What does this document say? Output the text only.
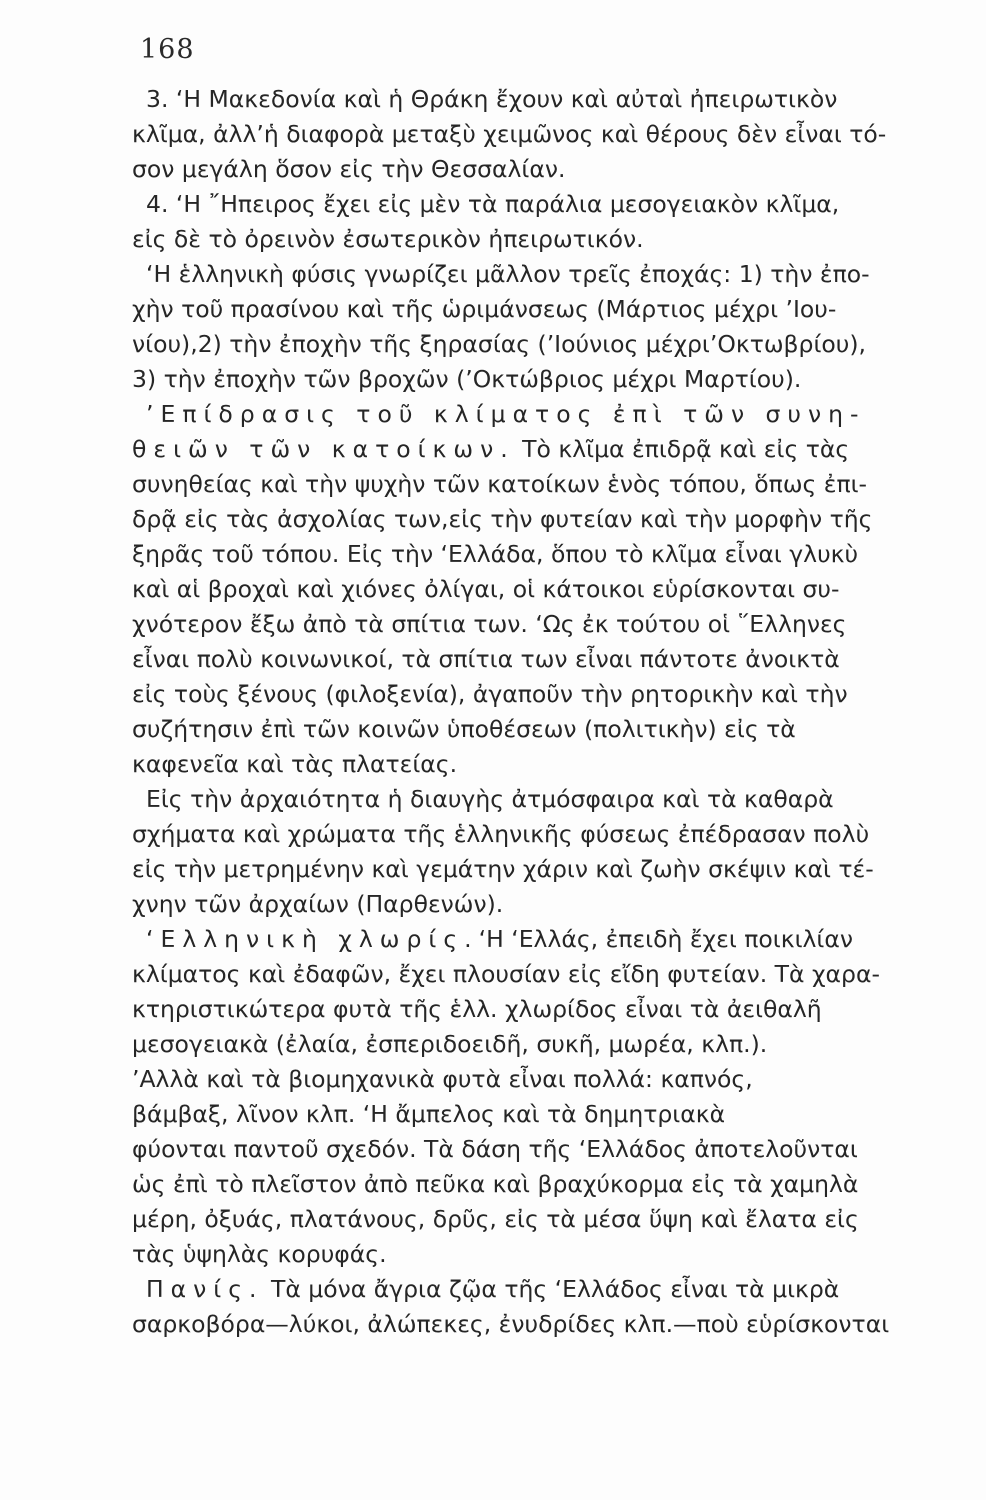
168
3. ‘Η Μακεδονία καὶ ἡ Θράκη ἔχουν καὶ αὐταὶ ἠπειρωτικὸν
κλῖμα, ἀλλ’ἡ διαφορὰ μεταξὺ χειμῶνος καὶ θέρους δὲν εἶναι τό-
σον μεγάλη ὅσον εἰς τὴν Θεσσαλίαν.
4. ‘Η ῎Ηπειρος ἔχει εἰς μὲν τὰ παράλια μεσογειακὸν κλῖμα,
εἰς δὲ τὸ ὀρεινὸν ἐσωτερικὸν ἠπειρωτικόν.
‘Η ἑλληνικὴ φύσις γνωρίζει μᾶλλον τρεῖς ἐποχάς: 1) τὴν ἐπο-
χὴν τοῦ πρασίνου καὶ τῆς ὡριμάνσεως (Μάρτιος μέχρι ’Ιου-
νίου),2) τὴν ἐποχὴν τῆς ξηρασίας (’Ιούνιος μέχρι’Οκτωβρίου),
3) τὴν ἐποχὴν τῶν βροχῶν (’Οκτώβριος μέχρι Μαρτίου).
’Επίδρασις τοῦ κλίματος ἐπὶ τῶν συνη-
θειῶν τῶν κατοίκων. Τὸ κλῖμα ἐπιδρᾷ καὶ εἰς τὰς
συνηθείας καὶ τὴν ψυχὴν τῶν κατοίκων ἑνὸς τόπου, ὅπως ἐπι-
δρᾷ εἰς τὰς ἀσχολίας των,εἰς τὴν φυτείαν καὶ τὴν μορφὴν τῆς
ξηρᾶς τοῦ τόπου. Εἰς τὴν ‘Ελλάδα, ὅπου τὸ κλῖμα εἶναι γλυκὺ
καὶ αἱ βροχαὶ καὶ χιόνες ὀλίγαι, οἱ κάτοικοι εὑρίσκονται συ-
χνότερον ἔξω ἀπὸ τὰ σπίτια των. ‘Ως ἐκ τούτου οἱ ῞Ελληνες
εἶναι πολὺ κοινωνικοί, τὰ σπίτια των εἶναι πάντοτε ἀνοικτὰ
εἰς τοὺς ξένους (φιλοξενία), ἀγαποῦν τὴν ρητορικὴν καὶ τὴν
συζήτησιν ἐπὶ τῶν κοινῶν ὑποθέσεων (πολιτικὴν) εἰς τὰ
καφενεῖα καὶ τὰς πλατείας.
Εἰς τὴν ἀρχαιότητα ἡ διαυγὴς ἀτμόσφαιρα καὶ τὰ καθαρὰ
σχήματα καὶ χρώματα τῆς ἑλληνικῆς φύσεως ἐπέδρασαν πολὺ
εἰς τὴν μετρημένην καὶ γεμάτην χάριν καὶ ζωὴν σκέψιν καὶ τέ-
χνην τῶν ἀρχαίων (Παρθενών).
‘Ελληνικὴ χλωρίς.‘Η ‘Ελλάς, ἐπειδὴ ἔχει ποικιλίαν
κλίματος καὶ ἐδαφῶν, ἔχει πλουσίαν εἰς εἴδη φυτείαν. Τὰ χαρα-
κτηριστικώτερα φυτὰ τῆς ἑλλ. χλωρίδος εἶναι τὰ ἀειθαλῆ
μεσογειακὰ (ἐλαία, ἐσπεριδοειδῆ, συκῆ, μωρέα, κλπ.).
’Αλλὰ καὶ τὰ βιομηχανικὰ φυτὰ εἶναι πολλά: καπνός,
βάμβαξ, λῖνον κλπ. ‘Η ἄμπελος καὶ τὰ δημητριακὰ
φύονται παντοῦ σχεδόν. Τὰ δάση τῆς ‘Ελλάδος ἀποτελοῦνται
ὡς ἐπὶ τὸ πλεῖστον ἀπὸ πεῦκα καὶ βραχύκορμα εἰς τὰ χαμηλὰ
μέρη, ὀξυάς, πλατάνους, δρῦς, εἰς τὰ μέσα ὕψη καὶ ἔλατα εἰς
τὰς ὑψηλὰς κορυφάς.
Πανίς. Τὰ μόνα ἄγρια ζῷα τῆς ‘Ελλάδος εἶναι τὰ μικρὰ
σαρκοβόρα—λύκοι, ἀλώπεκες, ἐνυδρίδες κλπ.—ποὺ εὑρίσκονται
